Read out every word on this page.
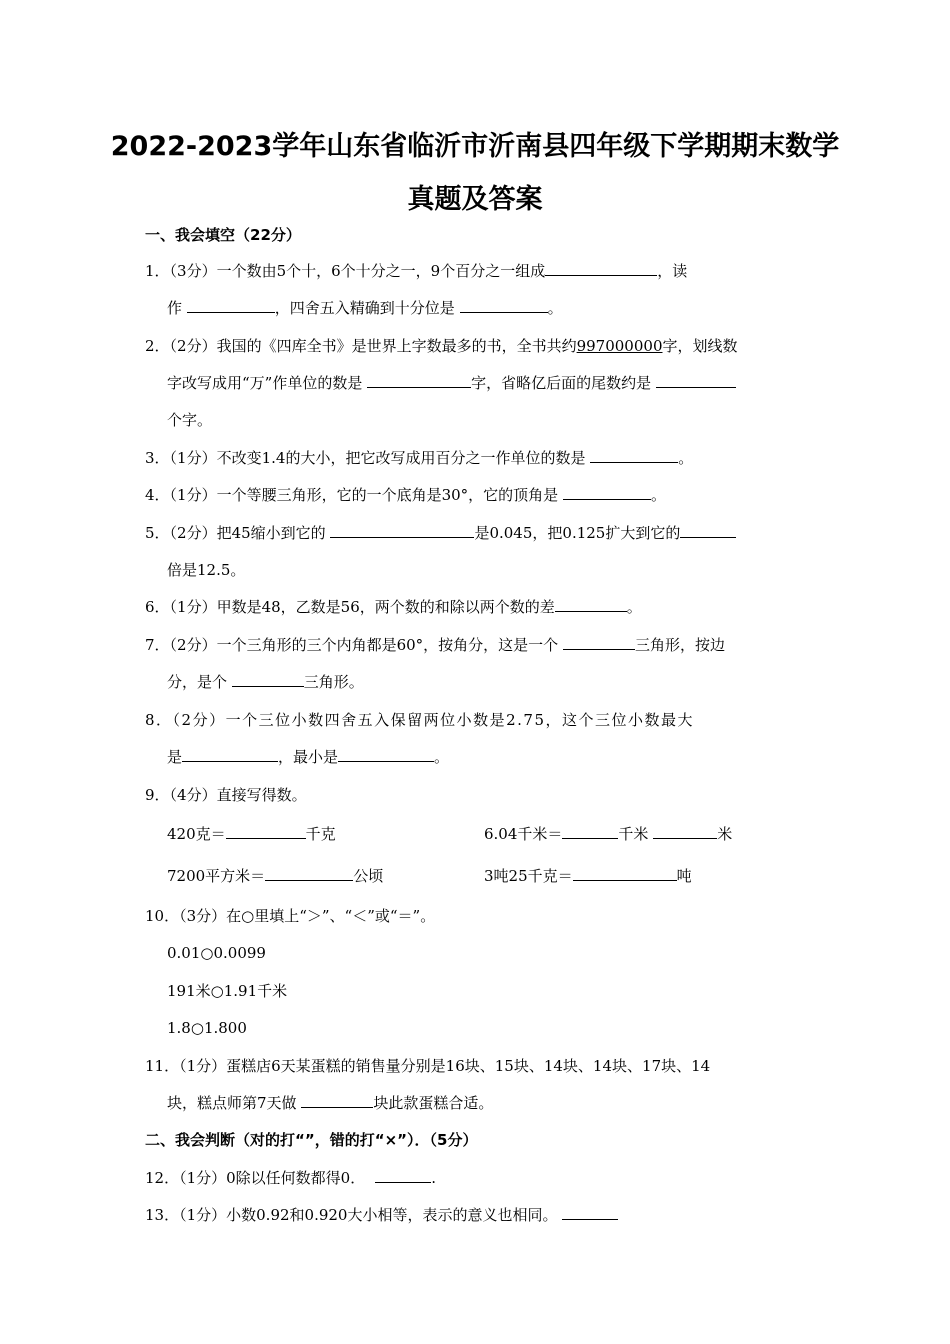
2022-2023学年山东省临沂市沂南县四年级下学期期末数学
真题及答案
一、我会填空（22分）
1．（3分）一个数由5个十，6个十分之一，9个百分之一组成	，读
作	，四舍五入精确到十分位是	。
2．（2分）我国的《四库全书》是世界上字数最多的书，全书共约997000000字，划线数
字改写成用“万”作单位的数是	字，省略亿后面的尾数约是
个字。
3．（1分）不改变1.4的大小，把它改写成用百分之一作单位的数是	。
4．（1分）一个等腰三角形，它的一个底角是30°，它的顶角是	。
5．（2分）把45缩小到它的	是0.045，把0.125扩大到它的
倍是12.5。
6．（1分）甲数是48，乙数是56，两个数的和除以两个数的差	。
7．（2分）一个三角形的三个内角都是60°，按角分，这是一个	三角形，按边
分，是个	三角形。
8．（2分）一个三位小数四舍五入保留两位小数是2.75，这个三位小数最大
是	，最小是	。
9．（4分）直接写得数。
420克＝	千克	6.04千米＝	千米	米
7200平方米＝	公顷	3吨25千克＝	吨
10．（3分）在○里填上“＞”、“＜”或“＝”。
0.01○0.0099
191米○1.91千米
1.8○1.800
11．（1分）蛋糕店6天某蛋糕的销售量分别是16块、15块、14块、14块、17块、14
块，糕点师第7天做	块此款蛋糕合适。
二、我会判断（对的打“”，错的打“×”）．（5分）
12．（1分）0除以任何数都得0．	.
13．（1分）小数0.92和0.920大小相等，表示的意义也相同。
